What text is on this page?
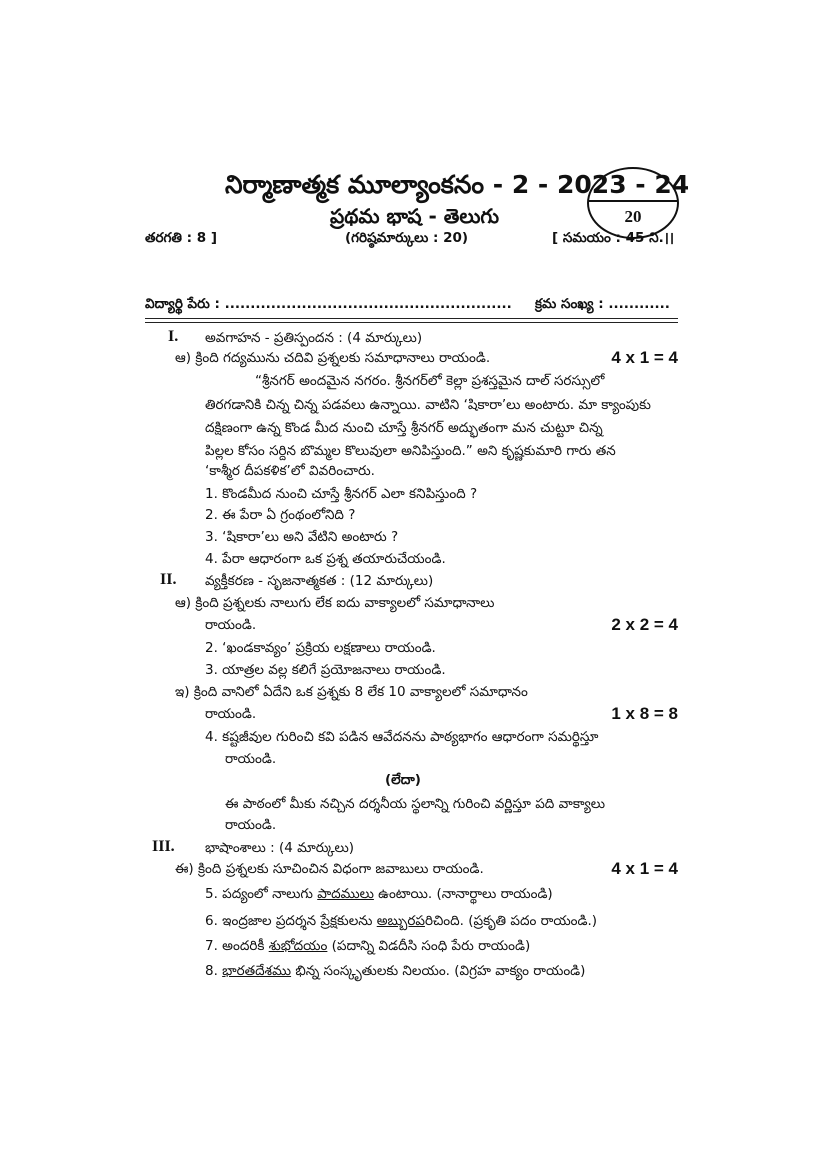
నిర్మాణాత్మక మూల్యాంకనం - 2 - 2023 - 24
ప్రథమ భాష - తెలుగు	20
తరగతి : 8 ]	(గరిష్ఠమార్కులు : 20)	[ సమయం : 45 ని.।।
విద్యార్థి పేరు : ........................................................ క్రమ సంఖ్య : ............
I. అవగాహన - ప్రతిస్పందన : (4 మార్కులు)
ఆ) క్రింది గద్యమును చదివి ప్రశ్నలకు సమాధానాలు రాయండి.	4 x 1 = 4
“శ్రీనగర్ అందమైన నగరం. శ్రీనగర్‌లో కెల్లా ప్రశస్తమైన దాల్ సరస్సులో
తిరగడానికి చిన్న చిన్న పడవలు ఉన్నాయి. వాటిని ‘షికారా’లు అంటారు. మా క్యాంపుకు
దక్షిణంగా ఉన్న కొండ మీద నుంచి చూస్తే శ్రీనగర్ అద్భుతంగా మన చుట్టూ చిన్న
పిల్లల కోసం సర్దిన బొమ్మల కొలువులా అనిపిస్తుంది.” అని కృష్ణకుమారి గారు తన
‘కాశ్మీర దీపకళిక’లో వివరించారు.
1. కొండమీద నుంచి చూస్తే శ్రీనగర్ ఎలా కనిపిస్తుంది ?
2. ఈ పేరా ఏ గ్రంథంలోనిది ?
3. ‘షికారా’లు అని వేటిని అంటారు ?
4. పేరా ఆధారంగా ఒక ప్రశ్న తయారుచేయండి.
II. వ్యక్తీకరణ - సృజనాత్మకత : (12 మార్కులు)
ఆ) క్రింది ప్రశ్నలకు నాలుగు లేక ఐదు వాక్యాలలో సమాధానాలు
రాయండి.	2 x 2 = 4
2. ‘ఖండకావ్యం’ ప్రక్రియ లక్షణాలు రాయండి.
3. యాత్రల వల్ల కలిగే ప్రయోజనాలు రాయండి.
ఇ) క్రింది వానిలో ఏదేని ఒక ప్రశ్నకు 8 లేక 10 వాక్యాలలో సమాధానం
రాయండి.	1 x 8 = 8
4. కష్టజీవుల గురించి కవి పడిన ఆవేదనను పాఠ్యభాగం ఆధారంగా సమర్థిస్తూ
రాయండి.
(లేదా)
ఈ పాఠంలో మీకు నచ్చిన దర్శనీయ స్థలాన్ని గురించి వర్ణిస్తూ పది వాక్యాలు
రాయండి.
III. భాషాంశాలు : (4 మార్కులు)
ఈ) క్రింది ప్రశ్నలకు సూచించిన విధంగా జవాబులు రాయండి.	4 x 1 = 4
5. పద్యంలో నాలుగు పాదములు ఉంటాయి. (నానార్థాలు రాయండి)
6. ఇంద్రజాల ప్రదర్శన ప్రేక్షకులను అబ్బురపరిచింది. (ప్రకృతి పదం రాయండి.)
7. అందరికీ శుభోదయం (పదాన్ని విడదీసి సంధి పేరు రాయండి)
8. భారతదేశము భిన్న సంస్కృతులకు నిలయం. (విగ్రహ వాక్యం రాయండి)
